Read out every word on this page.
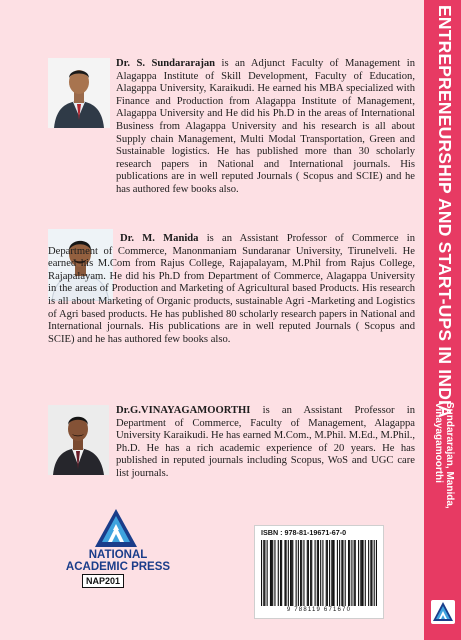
Dr. S. Sundararajan is an Adjunct Faculty of Management in Alagappa Institute of Skill Development, Faculty of Education, Alagappa University, Karaikudi. He earned his MBA specialized with Finance and Production from Alagappa Institute of Management, Alagappa University and He did his Ph.D in the areas of International Business from Alagappa University and his research is all about Supply chain Management, Multi Modal Transportation, Green and Sustainable logistics. He has published more than 30 scholarly research papers in National and International journals. His publications are in well reputed Journals ( Scopus and SCIE) and he has authored few books also.
Dr. M. Manida is an Assistant Professor of Commerce in Department of Commerce, Manonmaniam Sundaranar University, Tirunelveli. He earned his M.Com from Rajus College, Rajapalayam, M.Phil from Rajus College, Rajapalayam. He did his Ph.D from Department of Commerce, Alagappa University in the areas of Production and Marketing of Agricultural based Products. His research is all about Marketing of Organic products, sustainable Agri -Marketing and Logistics of Agri based products. He has published 80 scholarly research papers in National and International journals. His publications are in well reputed Journals ( Scopus and SCIE) and he has authored few books also.
Dr.G.VINAYAGAMOORTHI is an Assistant Professor in Department of Commerce, Faculty of Management, Alagappa University Karaikudi. He has earned M.Com., M.Phil. M.Ed., M.Phil., Ph.D. He has a rich academic experience of 20 years. He has published in reputed journals including Scopus, WoS and UGC care list journals.
NATIONAL
ACADEMIC PRESS
NAP201
ISBN : 978-81-19671-67-0
9 788119 671670
ENTREPRENEURSHIP AND START-UPS IN INDIA
Sundararajan, Manida,
Vinayagamoorthi
